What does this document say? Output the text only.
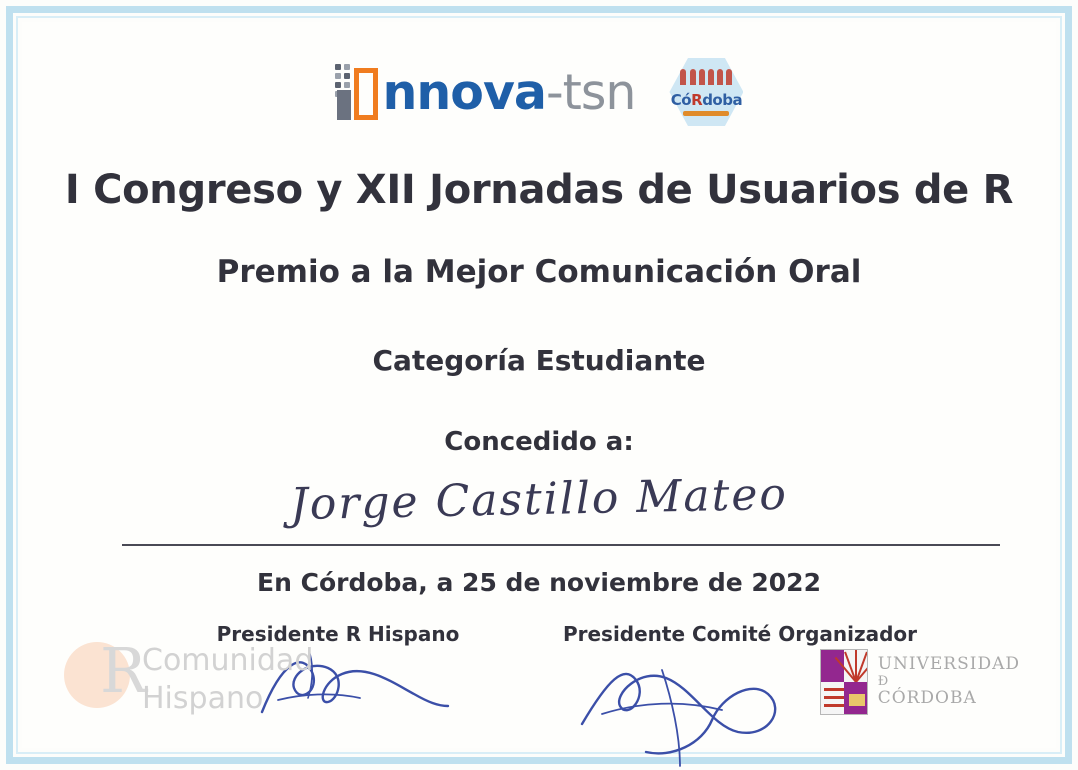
nnova-tsn CóRdoba
I Congreso y XII Jornadas de Usuarios de R
Premio a la Mejor Comunicación Oral
Categoría Estudiante
Concedido a:
Jorge Castillo Mateo
En Córdoba, a 25 de noviembre de 2022
Presidente R Hispano	Presidente Comité Organizador
R
Comunidad
Hispano
UNIVERSIDAD
Ð
CÓRDOBA
